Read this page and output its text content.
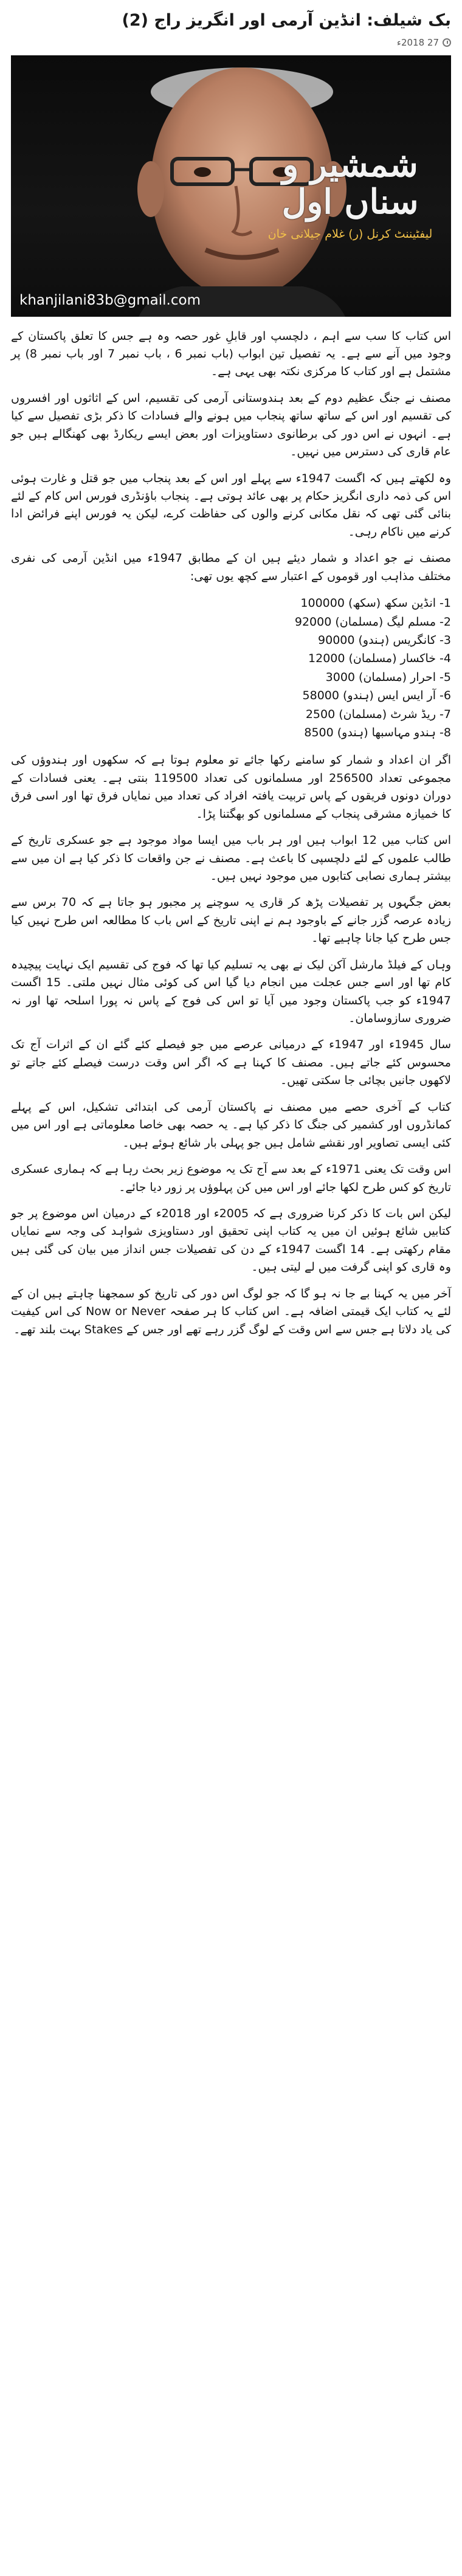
بک شیلف: انڈین آرمی اور انگریز راج (2)
27 2018ء
شمشیر و سناں اول
لیفٹیننٹ کرنل (ر) غلام جیلانی خان
khanjilani83b@gmail.com

اس کتاب کا سب سے اہم ، دلچسپ اور قابلِ غور حصہ وہ ہے جس کا تعلق پاکستان کے وجود میں آنے سے ہے۔ یہ تفصیل تین ابواب (باب نمبر 6 ، باب نمبر 7 اور باب نمبر 8) پر مشتمل ہے اور کتاب کا مرکزی نکتہ بھی یہی ہے۔

مصنف نے جنگ عظیم دوم کے بعد ہندوستانی آرمی کی تقسیم، اس کے اثاثوں اور افسروں کی تقسیم اور اس کے ساتھ ساتھ پنجاب میں ہونے والے فسادات کا ذکر بڑی تفصیل سے کیا ہے۔ انہوں نے اس دور کی برطانوی دستاویزات اور بعض ایسے ریکارڈ بھی کھنگالے ہیں جو عام قاری کی دسترس میں نہیں۔

وہ لکھتے ہیں کہ اگست 1947ء سے پہلے اور اس کے بعد پنجاب میں جو قتل و غارت ہوئی اس کی ذمہ داری انگریز حکام پر بھی عائد ہوتی ہے۔ پنجاب باؤنڈری فورس اس کام کے لئے بنائی گئی تھی کہ نقل مکانی کرنے والوں کی حفاظت کرے، لیکن یہ فورس اپنے فرائض ادا کرنے میں ناکام رہی۔

مصنف نے جو اعداد و شمار دیئے ہیں ان کے مطابق 1947ء میں انڈین آرمی کی نفری مختلف مذاہب اور قوموں کے اعتبار سے کچھ یوں تھی:

1- انڈین سکھ (سکھ) 100000
2- مسلم لیگ (مسلمان) 92000
3- کانگریس (ہندو) 90000
4- خاکسار (مسلمان) 12000
5- احرار (مسلمان) 3000
6- آر ایس ایس (ہندو) 58000
7- ریڈ شرٹ (مسلمان) 2500
8- ہندو مہاسبھا (ہندو) 8500

اگر ان اعداد و شمار کو سامنے رکھا جائے تو معلوم ہوتا ہے کہ سکھوں اور ہندوؤں کی مجموعی تعداد 256500 اور مسلمانوں کی تعداد 119500 بنتی ہے۔ یعنی فسادات کے دوران دونوں فریقوں کے پاس تربیت یافتہ افراد کی تعداد میں نمایاں فرق تھا اور اسی فرق کا خمیازہ مشرقی پنجاب کے مسلمانوں کو بھگتنا پڑا۔

اس کتاب میں 12 ابواب ہیں اور ہر باب میں ایسا مواد موجود ہے جو عسکری تاریخ کے طالب علموں کے لئے دلچسپی کا باعث ہے۔ مصنف نے جن واقعات کا ذکر کیا ہے ان میں سے بیشتر ہماری نصابی کتابوں میں موجود نہیں ہیں۔

بعض جگہوں پر تفصیلات پڑھ کر قاری یہ سوچنے پر مجبور ہو جاتا ہے کہ 70 برس سے زیادہ عرصہ گزر جانے کے باوجود ہم نے اپنی تاریخ کے اس باب کا مطالعہ اس طرح نہیں کیا جس طرح کیا جانا چاہیے تھا۔

وہاں کے فیلڈ مارشل آکن لیک نے بھی یہ تسلیم کیا تھا کہ فوج کی تقسیم ایک نہایت پیچیدہ کام تھا اور اسے جس عجلت میں انجام دیا گیا اس کی کوئی مثال نہیں ملتی۔ 15 اگست 1947ء کو جب پاکستان وجود میں آیا تو اس کی فوج کے پاس نہ پورا اسلحہ تھا اور نہ ضروری سازوسامان۔

سال 1945ء اور 1947ء کے درمیانی عرصے میں جو فیصلے کئے گئے ان کے اثرات آج تک محسوس کئے جاتے ہیں۔ مصنف کا کہنا ہے کہ اگر اس وقت درست فیصلے کئے جاتے تو لاکھوں جانیں بچائی جا سکتی تھیں۔

کتاب کے آخری حصے میں مصنف نے پاکستان آرمی کی ابتدائی تشکیل، اس کے پہلے کمانڈروں اور کشمیر کی جنگ کا ذکر کیا ہے۔ یہ حصہ بھی خاصا معلوماتی ہے اور اس میں کئی ایسی تصاویر اور نقشے شامل ہیں جو پہلی بار شائع ہوئے ہیں۔

اس وقت تک یعنی 1971ء کے بعد سے آج تک یہ موضوع زیر بحث رہا ہے کہ ہماری عسکری تاریخ کو کس طرح لکھا جائے اور اس میں کن پہلوؤں پر زور دیا جائے۔

لیکن اس بات کا ذکر کرنا ضروری ہے کہ 2005ء اور 2018ء کے درمیان اس موضوع پر جو کتابیں شائع ہوئیں ان میں یہ کتاب اپنی تحقیق اور دستاویزی شواہد کی وجہ سے نمایاں مقام رکھتی ہے۔ 14 اگست 1947ء کے دن کی تفصیلات جس انداز میں بیان کی گئی ہیں وہ قاری کو اپنی گرفت میں لے لیتی ہیں۔

آخر میں یہ کہنا بے جا نہ ہو گا کہ جو لوگ اس دور کی تاریخ کو سمجھنا چاہتے ہیں ان کے لئے یہ کتاب ایک قیمتی اضافہ ہے۔ اس کتاب کا ہر صفحہ Now or Never کی اس کیفیت کی یاد دلاتا ہے جس سے اس وقت کے لوگ گزر رہے تھے اور جس کے Stakes بہت بلند تھے۔
